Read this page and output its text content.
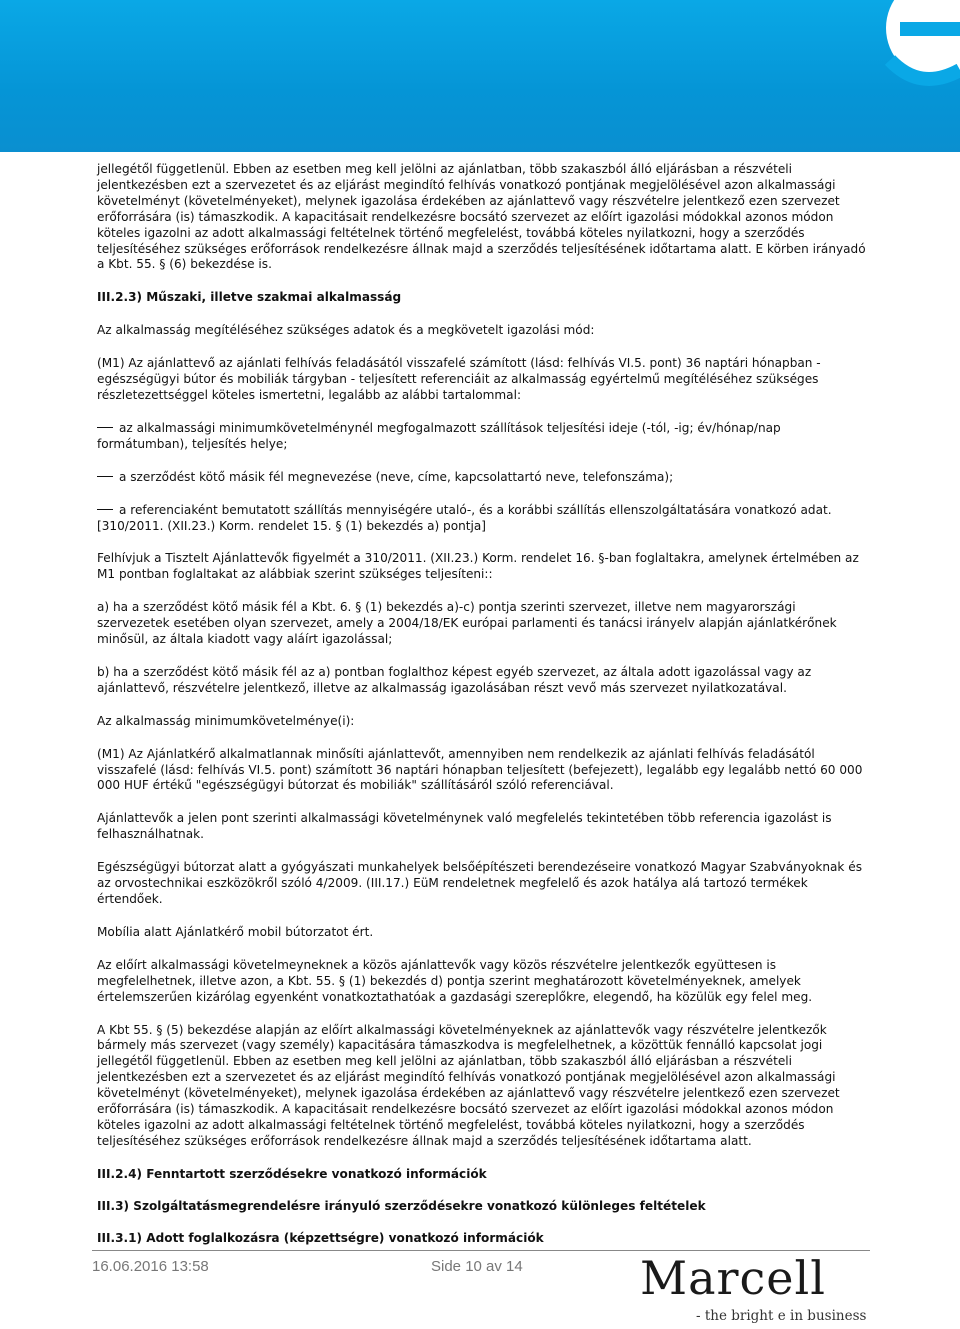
jellegétől függetlenül. Ebben az esetben meg kell jelölni az ajánlatban, több szakaszból álló eljárásban a részvételi jelentkezésben ezt a szervezetet és az eljárást megindító felhívás vonatkozó pontjának megjelölésével azon alkalmassági követelményt (követelményeket), melynek igazolása érdekében az ajánlattevő vagy részvételre jelentkező ezen szervezet erőforrására (is) támaszkodik. A kapacitásait rendelkezésre bocsátó szervezet az előírt igazolási módokkal azonos módon köteles igazolni az adott alkalmassági feltételnek történő megfelelést, továbbá köteles nyilatkozni, hogy a szerződés teljesítéséhez szükséges erőforrások rendelkezésre állnak majd a szerződés teljesítésének időtartama alatt. E körben irányadó a Kbt. 55. § (6) bekezdése is.

III.2.3) Műszaki, illetve szakmai alkalmasság

Az alkalmasság megítéléséhez szükséges adatok és a megkövetelt igazolási mód:

(M1) Az ajánlattevő az ajánlati felhívás feladásától visszafelé számított (lásd: felhívás VI.5. pont) 36 naptári hónapban - egészségügyi bútor és mobiliák tárgyban - teljesített referenciáit az alkalmasság egyértelmű megítéléséhez szükséges részletezettséggel köteles ismertetni, legalább az alábbi tartalommal:

az alkalmassági minimumkövetelménynél megfogalmazott szállítások teljesítési ideje (-tól, -ig; év/hónap/nap formátumban), teljesítés helye;

a szerződést kötő másik fél megnevezése (neve, címe, kapcsolattartó neve, telefonszáma);

a referenciaként bemutatott szállítás mennyiségére utaló-, és a korábbi szállítás ellenszolgáltatására vonatkozó adat. [310/2011. (XII.23.) Korm. rendelet 15. § (1) bekezdés a) pontja]

Felhívjuk a Tisztelt Ajánlattevők figyelmét a 310/2011. (XII.23.) Korm. rendelet 16. §-ban foglaltakra, amelynek értelmében az M1 pontban foglaltakat az alábbiak szerint szükséges teljesíteni::

a) ha a szerződést kötő másik fél a Kbt. 6. § (1) bekezdés a)-c) pontja szerinti szervezet, illetve nem magyarországi szervezetek esetében olyan szervezet, amely a 2004/18/EK európai parlamenti és tanácsi irányelv alapján ajánlatkérőnek minősül, az általa kiadott vagy aláírt igazolással;

b) ha a szerződést kötő másik fél az a) pontban foglalthoz képest egyéb szervezet, az általa adott igazolással vagy az ajánlattevő, részvételre jelentkező, illetve az alkalmasság igazolásában részt vevő más szervezet nyilatkozatával.

Az alkalmasság minimumkövetelménye(i):

(M1) Az Ajánlatkérő alkalmatlannak minősíti ajánlattevőt, amennyiben nem rendelkezik az ajánlati felhívás feladásától visszafelé (lásd: felhívás VI.5. pont) számított 36 naptári hónapban teljesített (befejezett), legalább egy legalább nettó 60 000 000 HUF értékű "egészségügyi bútorzat és mobiliák" szállításáról szóló referenciával.

Ajánlattevők a jelen pont szerinti alkalmassági követelménynek való megfelelés tekintetében több referencia igazolást is felhasználhatnak.

Egészségügyi bútorzat alatt a gyógyászati munkahelyek belsőépítészeti berendezéseire vonatkozó Magyar Szabványoknak és az orvostechnikai eszközökről szóló 4/2009. (III.17.) EüM rendeletnek megfelelő és azok hatálya alá tartozó termékek értendőek.

Mobília alatt Ajánlatkérő mobil bútorzatot ért.

Az előírt alkalmassági követelmeyneknek a közös ajánlattevők vagy közös részvételre jelentkezők együttesen is megfelelhetnek, illetve azon, a Kbt. 55. § (1) bekezdés d) pontja szerint meghatározott követelményeknek, amelyek értelemszerűen kizárólag egyenként vonatkoztathatóak a gazdasági szereplőkre, elegendő, ha közülük egy felel meg.

A Kbt 55. § (5) bekezdése alapján az előírt alkalmassági követelményeknek az ajánlattevők vagy részvételre jelentkezők bármely más szervezet (vagy személy) kapacitására támaszkodva is megfelelhetnek, a közöttük fennálló kapcsolat jogi jellegétől függetlenül. Ebben az esetben meg kell jelölni az ajánlatban, több szakaszból álló eljárásban a részvételi jelentkezésben ezt a szervezetet és az eljárást megindító felhívás vonatkozó pontjának megjelölésével azon alkalmassági követelményt (követelményeket), melynek igazolása érdekében az ajánlattevő vagy részvételre jelentkező ezen szervezet erőforrására (is) támaszkodik. A kapacitásait rendelkezésre bocsátó szervezet az előírt igazolási módokkal azonos módon köteles igazolni az adott alkalmassági feltételnek történő megfelelést, továbbá köteles nyilatkozni, hogy a szerződés teljesítéséhez szükséges erőforrások rendelkezésre állnak majd a szerződés teljesítésének időtartama alatt.

III.2.4) Fenntartott szerződésekre vonatkozó információk

III.3) Szolgáltatásmegrendelésre irányuló szerződésekre vonatkozó különleges feltételek

III.3.1) Adott foglalkozásra (képzettségre) vonatkozó információk

16.06.2016 13:58	Side 10 av 14	Marcell
- the bright e in business
